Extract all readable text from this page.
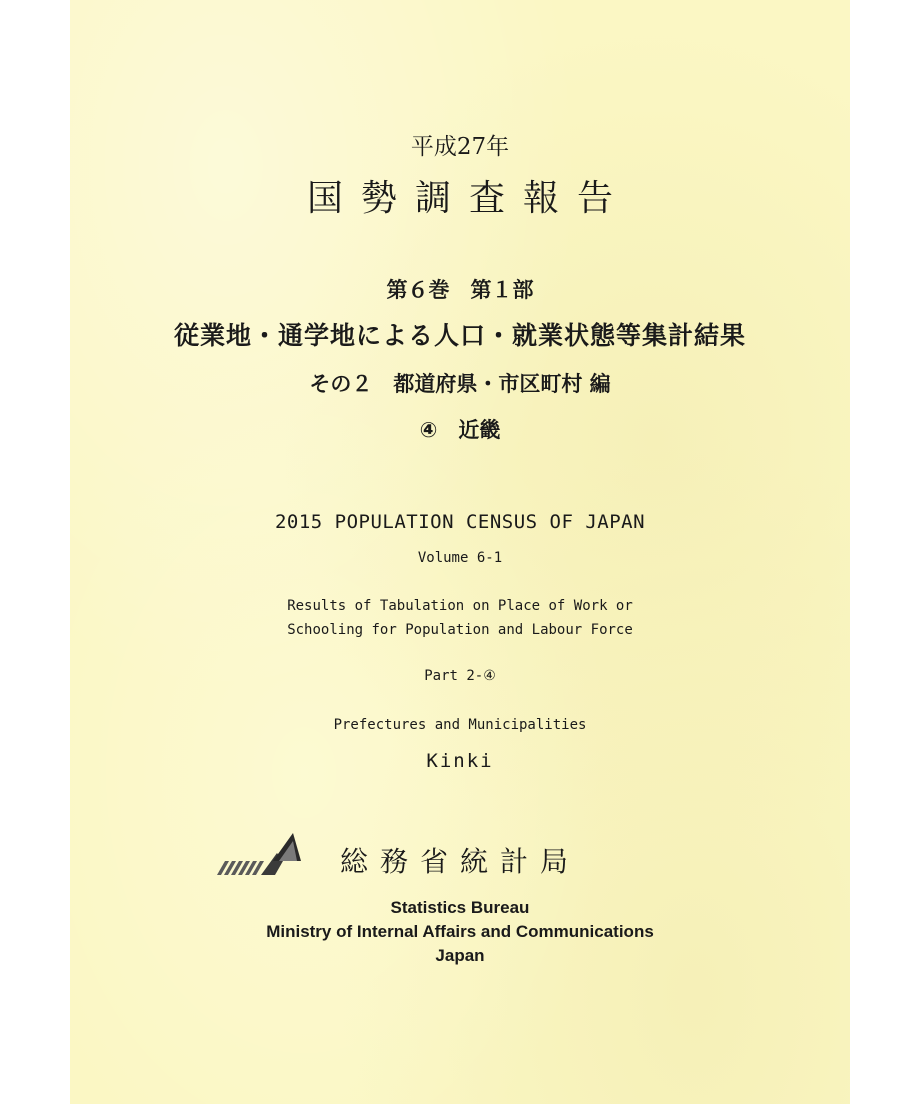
平成27年
国勢調査報告
第６巻　第１部
従業地・通学地による人口・就業状態等集計結果
その２　都道府県・市区町村 編
④　近畿
2015 POPULATION CENSUS OF JAPAN
Volume 6-1
Results of Tabulation on Place of Work or
Schooling for Population and Labour Force
Part 2-④
Prefectures and Municipalities
Kinki
総務省統計局
Statistics Bureau
Ministry of Internal Affairs and Communications
Japan
